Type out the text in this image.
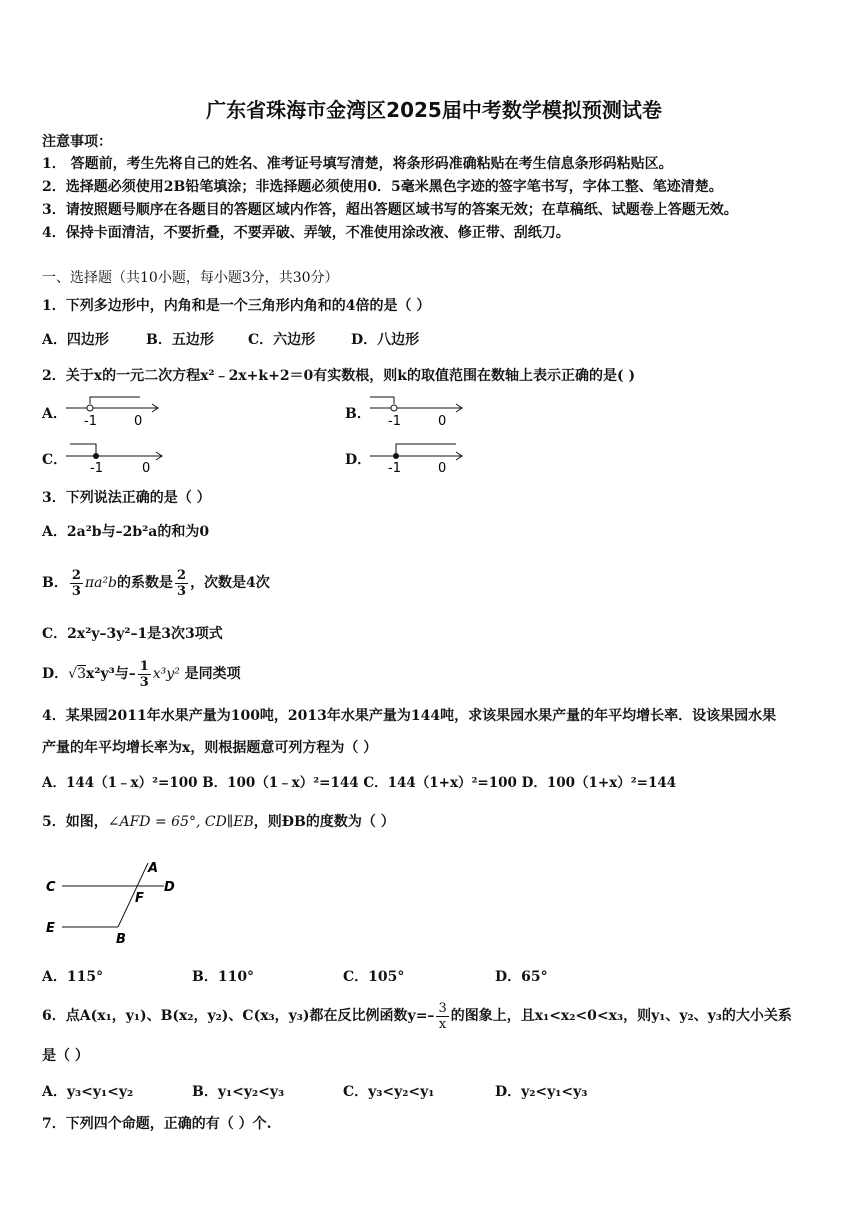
广东省珠海市金湾区2025届中考数学模拟预测试卷
注意事项：
1． 答题前，考生先将自己的姓名、准考证号填写清楚，将条形码准确粘贴在考生信息条形码粘贴区。
2．选择题必须使用2B铅笔填涂；非选择题必须使用0．5毫米黑色字迹的签字笔书写，字体工整、笔迹清楚。
3．请按照题号顺序在各题目的答题区域内作答，超出答题区域书写的答案无效；在草稿纸、试题卷上答题无效。
4．保持卡面清洁，不要折叠，不要弄破、弄皱，不准使用涂改液、修正带、刮纸刀。
一、选择题（共10小题，每小题3分，共30分）
1．下列多边形中，内角和是一个三角形内角和的4倍的是（ ）
A．四边形	B．五边形 C．六边形	D．八边形
2．关于x的一元二次方程x²﹣2x+k+2＝0有实数根，则k的取值范围在数轴上表示正确的是( )
A． -1	0	B． -1	0
C．
-1	0
D．
-1	0
3．下列说法正确的是（ ）
A．2a²b与–2b²a的和为0
B． $\frac{2}{3} \pi a^2b$的系数是 $\frac{2}{3}$ ，次数是4次
C．2x²y–3y²–1是3次3项式
D．√3x²y³与– $\frac{1}{3} x^3y^2$ 是同类项
4．某果园2011年水果产量为100吨，2013年水果产量为144吨，求该果园水果产量的年平均增长率．设该果园水果
产量的年平均增长率为x，则根据题意可列方程为（ ）
A．144（1﹣x）²=100 B．100（1﹣x）²=144 C．144（1+x）²=100 D．100（1+x）²=144
5．如图，∠AFD = 65°, CD∥EB，则ÐB的度数为（ ）
C	D
A
F
E
B
A．115°	B．110°	C．105°	D．65°
6．点A(x₁，y₁)、B(x₂，y₂)、C(x₃，y₃)都在反比例函数$y=- \frac{3}{x}$ 的图象上，且x₁<x₂<0<x₃，则y₁、y₂、y₃的大小关系
是（ ）
A．y₃<y₁<y₂	B．y₁<y₂<y₃	C．y₃<y₂<y₁	D．y₂<y₁<y₃
7．下列四个命题，正确的有（ ）个.
